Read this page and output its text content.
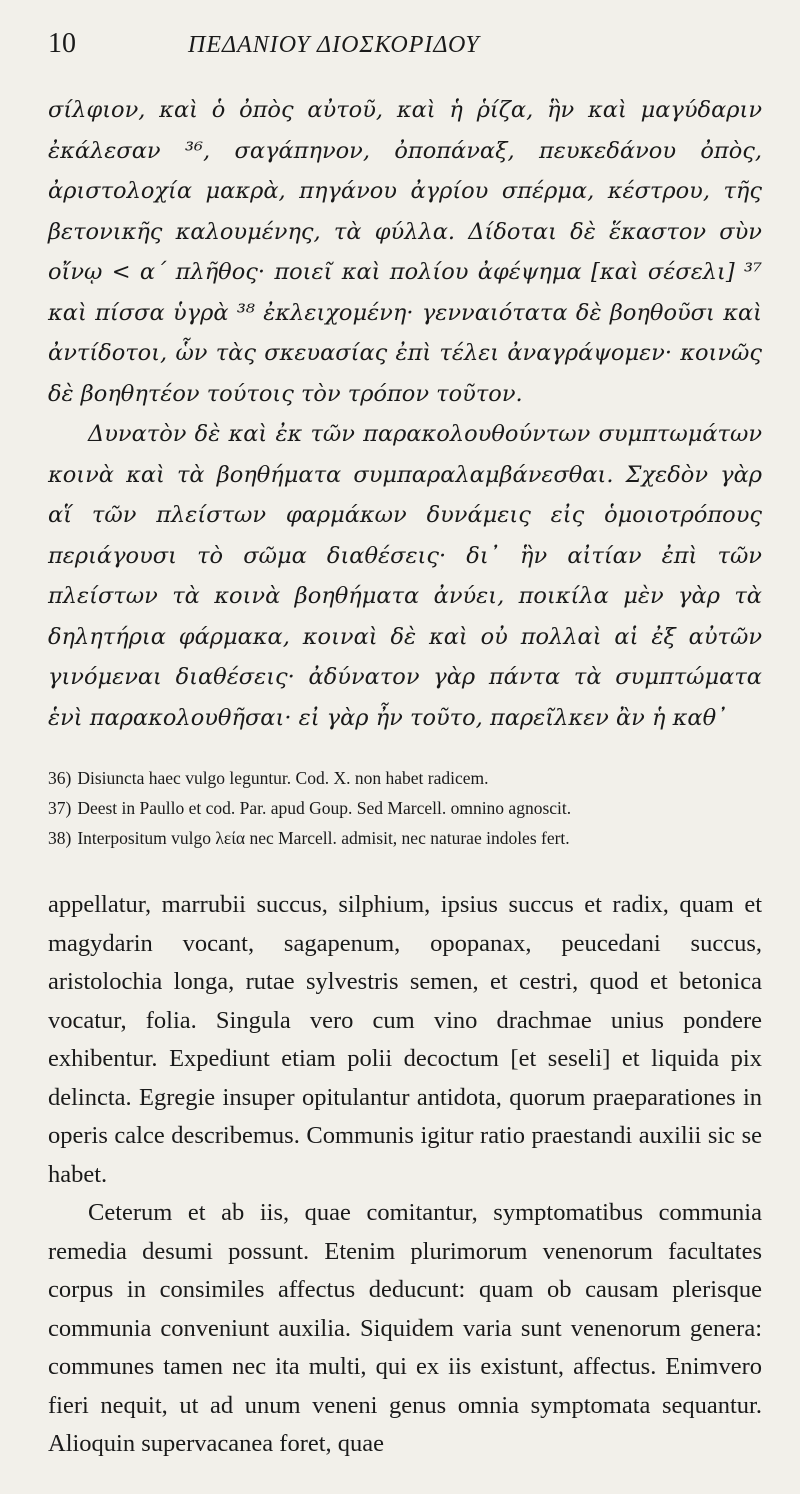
10	ΠΕΔΑΝΙΟΥ ΔΙΟΣΚΟΡΙΔΟΥ

σίλφιον, καὶ ὁ ὀπὸς αὐτοῦ, καὶ ἡ ῥίζα, ἣν καὶ μαγύδαριν ἐκάλεσαν ³⁶, σαγάπηνον, ὀποπάναξ, πευκεδάνου ὀπὸς, ἀριστολοχία μακρὰ, πηγάνου ἀγρίου σπέρμα, κέστρου, τῆς βετονικῆς καλουμένης, τὰ φύλλα. Δίδοται δὲ ἕκαστον σὺν οἴνῳ < α΄ πλῆθος· ποιεῖ καὶ πολίου ἀφέψημα [καὶ σέσελι] ³⁷ καὶ πίσσα ὑγρὰ ³⁸ ἐκλειχομένη· γενναιότατα δὲ βοηθοῦσι καὶ ἀντίδοτοι, ὧν τὰς σκευασίας ἐπὶ τέλει ἀναγράψομεν· κοινῶς δὲ βοηθητέον τούτοις τὸν τρόπον τοῦτον.

Δυνατὸν δὲ καὶ ἐκ τῶν παρακολουθούντων συμπτωμάτων κοινὰ καὶ τὰ βοηθήματα συμπαραλαμβάνεσθαι. Σχεδὸν γὰρ αἵ τῶν πλείστων φαρμάκων δυνάμεις εἰς ὁμοιοτρόπους περιάγουσι τὸ σῶμα διαθέσεις· δι᾿ ἣν αἰτίαν ἐπὶ τῶν πλείστων τὰ κοινὰ βοηθήματα ἀνύει, ποικίλα μὲν γὰρ τὰ δηλητήρια φάρμακα, κοιναὶ δὲ καὶ οὐ πολλαὶ αἱ ἐξ αὐτῶν γινόμεναι διαθέσεις· ἀδύνατον γὰρ πάντα τὰ συμπτώματα ἑνὶ παρακολουθῆσαι· εἰ γὰρ ἦν τοῦτο, παρεῖλκεν ἂν ἡ καθ᾿

36) Disiuncta haec vulgo leguntur. Cod. X. non habet radicem.

37) Deest in Paullo et cod. Par. apud Goup. Sed Marcell. omnino agnoscit.

38) Interpositum vulgo λεία nec Marcell. admisit, nec naturae indoles fert.

appellatur, marrubii succus, silphium, ipsius succus et radix, quam et magydarin vocant, sagapenum, opopanax, peucedani succus, aristolochia longa, rutae sylvestris semen, et cestri, quod et betonica vocatur, folia. Singula vero cum vino drachmae unius pondere exhibentur. Expediunt etiam polii decoctum [et seseli] et liquida pix delincta. Egregie insuper opitulantur antidota, quorum praeparationes in operis calce describemus. Communis igitur ratio praestandi auxilii sic se habet.

Ceterum et ab iis, quae comitantur, symptomatibus communia remedia desumi possunt. Etenim plurimorum venenorum facultates corpus in consimiles affectus deducunt: quam ob causam plerisque communia conveniunt auxilia. Siquidem varia sunt venenorum genera: communes tamen nec ita multi, qui ex iis existunt, affectus. Enimvero fieri nequit, ut ad unum veneni genus omnia symptomata sequantur. Alioquin supervacanea foret, quae
